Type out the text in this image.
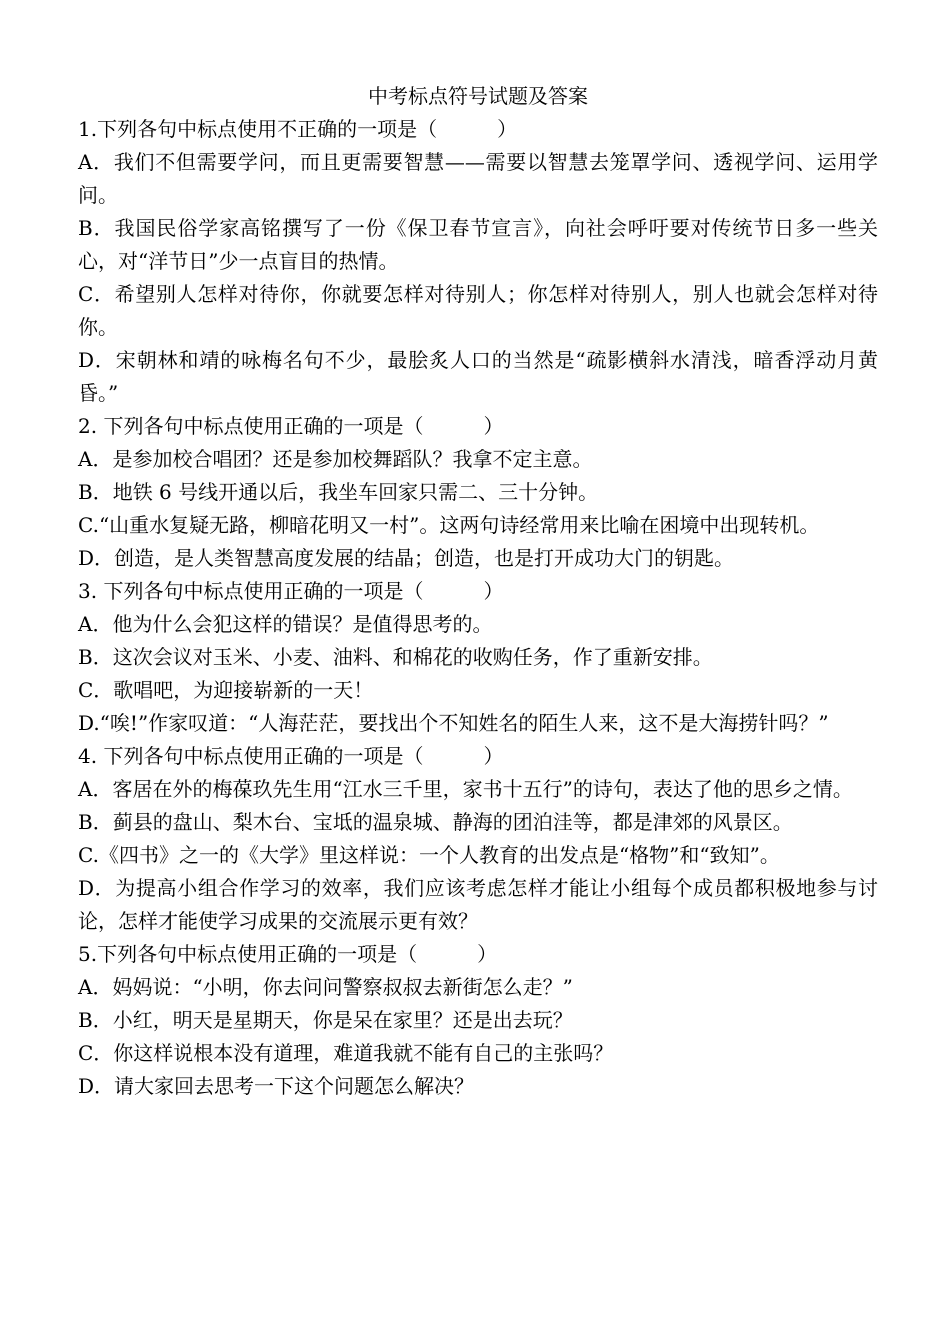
中考标点符号试题及答案

1.下列各句中标点使用不正确的一项是（　　　）

A．我们不但需要学问，而且更需要智慧——需要以智慧去笼罩学问、透视学问、运用学问。

B．我国民俗学家高铭撰写了一份《保卫春节宣言》，向社会呼吁要对传统节日多一些关心，对“洋节日”少一点盲目的热情。

C．希望别人怎样对待你，你就要怎样对待别人；你怎样对待别人，别人也就会怎样对待你。

D．宋朝林和靖的咏梅名句不少，最脍炙人口的当然是“疏影横斜水清浅，暗香浮动月黄昏。”

2. 下列各句中标点使用正确的一项是（　　　）

A．是参加校合唱团？还是参加校舞蹈队？我拿不定主意。

B．地铁 6 号线开通以后，我坐车回家只需二、三十分钟。

C.“山重水复疑无路，柳暗花明又一村”。这两句诗经常用来比喻在困境中出现转机。

D．创造，是人类智慧高度发展的结晶；创造，也是打开成功大门的钥匙。

3. 下列各句中标点使用正确的一项是（　　　）

A．他为什么会犯这样的错误？是值得思考的。

B．这次会议对玉米、小麦、油料、和棉花的收购任务，作了重新安排。

C．歌唱吧，为迎接崭新的一天！

D.“唉!”作家叹道：“人海茫茫，要找出个不知姓名的陌生人来，这不是大海捞针吗？”

4. 下列各句中标点使用正确的一项是（　　　）

A．客居在外的梅葆玖先生用“江水三千里，家书十五行”的诗句，表达了他的思乡之情。

B．蓟县的盘山、梨木台、宝坻的温泉城、静海的团泊洼等，都是津郊的风景区。

C.《四书》之一的《大学》里这样说：一个人教育的出发点是“格物”和“致知”。

D．为提高小组合作学习的效率，我们应该考虑怎样才能让小组每个成员都积极地参与讨论，怎样才能使学习成果的交流展示更有效？

5.下列各句中标点使用正确的一项是（　　　）

A．妈妈说：“小明，你去问问警察叔叔去新街怎么走？”

B．小红，明天是星期天，你是呆在家里？还是出去玩？

C．你这样说根本没有道理，难道我就不能有自己的主张吗？

D．请大家回去思考一下这个问题怎么解决？
